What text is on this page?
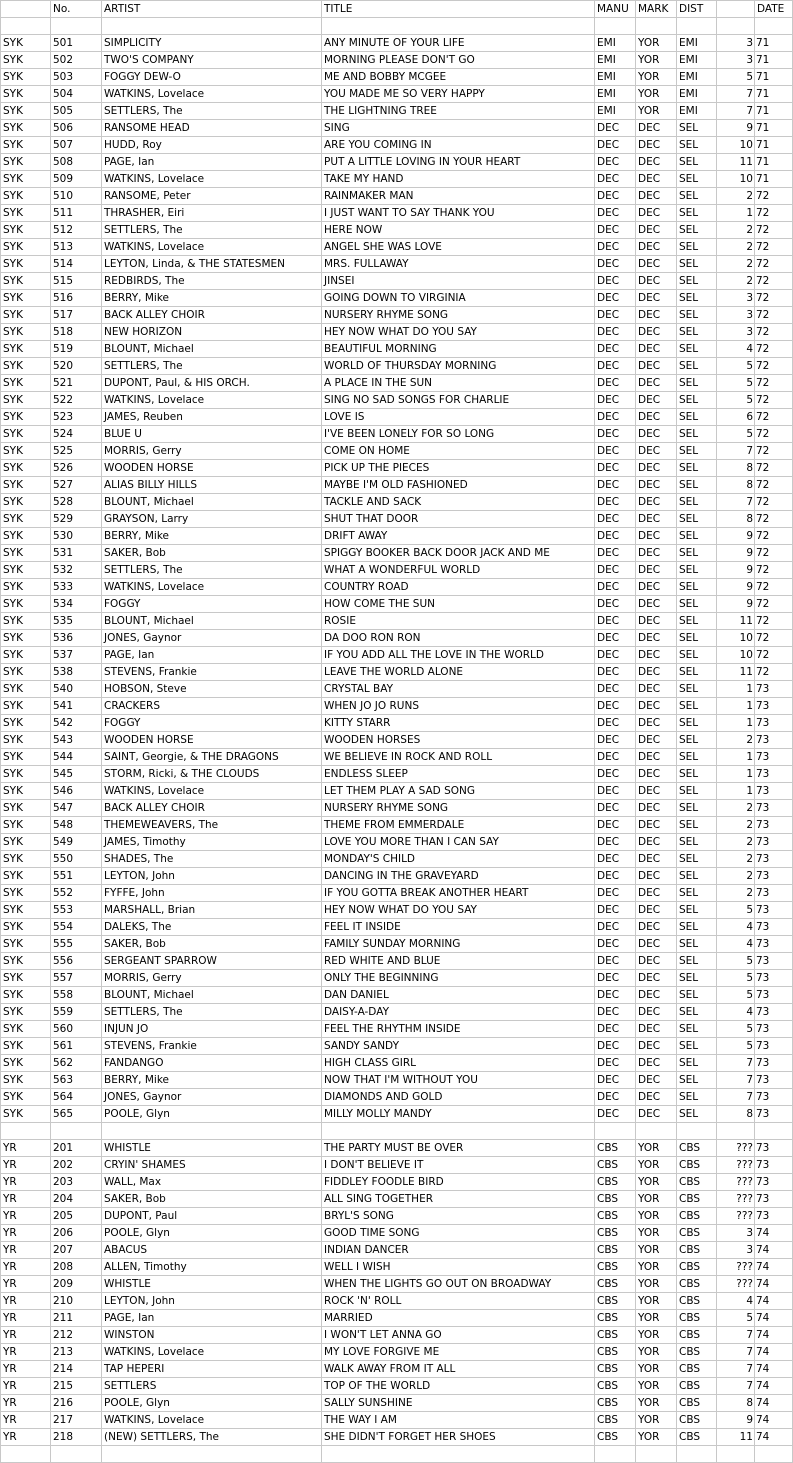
	No.	ARTIST	TITLE	MANU	MARK	DIST		DATE

SYK	501	SIMPLICITY	ANY MINUTE OF YOUR LIFE	EMI	YOR	EMI	3	71
SYK	502	TWO'S COMPANY	MORNING PLEASE DON'T GO	EMI	YOR	EMI	3	71
SYK	503	FOGGY DEW-O	ME AND BOBBY MCGEE	EMI	YOR	EMI	5	71
SYK	504	WATKINS, Lovelace	YOU MADE ME SO VERY HAPPY	EMI	YOR	EMI	7	71
SYK	505	SETTLERS, The	THE LIGHTNING TREE	EMI	YOR	EMI	7	71
SYK	506	RANSOME HEAD	SING	DEC	DEC	SEL	9	71
SYK	507	HUDD, Roy	ARE YOU COMING IN	DEC	DEC	SEL	10	71
SYK	508	PAGE, Ian	PUT A LITTLE LOVING IN YOUR HEART	DEC	DEC	SEL	11	71
SYK	509	WATKINS, Lovelace	TAKE MY HAND	DEC	DEC	SEL	10	71
SYK	510	RANSOME, Peter	RAINMAKER MAN	DEC	DEC	SEL	2	72
SYK	511	THRASHER, Eiri	I JUST WANT TO SAY THANK YOU	DEC	DEC	SEL	1	72
SYK	512	SETTLERS, The	HERE NOW	DEC	DEC	SEL	2	72
SYK	513	WATKINS, Lovelace	ANGEL SHE WAS LOVE	DEC	DEC	SEL	2	72
SYK	514	LEYTON, Linda, & THE STATESMEN	MRS. FULLAWAY	DEC	DEC	SEL	2	72
SYK	515	REDBIRDS, The	JINSEI	DEC	DEC	SEL	2	72
SYK	516	BERRY, Mike	GOING DOWN TO VIRGINIA	DEC	DEC	SEL	3	72
SYK	517	BACK ALLEY CHOIR	NURSERY RHYME SONG	DEC	DEC	SEL	3	72
SYK	518	NEW HORIZON	HEY NOW WHAT DO YOU SAY	DEC	DEC	SEL	3	72
SYK	519	BLOUNT, Michael	BEAUTIFUL MORNING	DEC	DEC	SEL	4	72
SYK	520	SETTLERS, The	WORLD OF THURSDAY MORNING	DEC	DEC	SEL	5	72
SYK	521	DUPONT, Paul, & HIS ORCH.	A PLACE IN THE SUN	DEC	DEC	SEL	5	72
SYK	522	WATKINS, Lovelace	SING NO SAD SONGS FOR CHARLIE	DEC	DEC	SEL	5	72
SYK	523	JAMES, Reuben	LOVE IS	DEC	DEC	SEL	6	72
SYK	524	BLUE U	I'VE BEEN LONELY FOR SO LONG	DEC	DEC	SEL	5	72
SYK	525	MORRIS, Gerry	COME ON HOME	DEC	DEC	SEL	7	72
SYK	526	WOODEN HORSE	PICK UP THE PIECES	DEC	DEC	SEL	8	72
SYK	527	ALIAS BILLY HILLS	MAYBE I'M OLD FASHIONED	DEC	DEC	SEL	8	72
SYK	528	BLOUNT, Michael	TACKLE AND SACK	DEC	DEC	SEL	7	72
SYK	529	GRAYSON, Larry	SHUT THAT DOOR	DEC	DEC	SEL	8	72
SYK	530	BERRY, Mike	DRIFT AWAY	DEC	DEC	SEL	9	72
SYK	531	SAKER, Bob	SPIGGY BOOKER BACK DOOR JACK AND ME	DEC	DEC	SEL	9	72
SYK	532	SETTLERS, The	WHAT A WONDERFUL WORLD	DEC	DEC	SEL	9	72
SYK	533	WATKINS, Lovelace	COUNTRY ROAD	DEC	DEC	SEL	9	72
SYK	534	FOGGY	HOW COME THE SUN	DEC	DEC	SEL	9	72
SYK	535	BLOUNT, Michael	ROSIE	DEC	DEC	SEL	11	72
SYK	536	JONES, Gaynor	DA DOO RON RON	DEC	DEC	SEL	10	72
SYK	537	PAGE, Ian	IF YOU ADD ALL THE LOVE IN THE WORLD	DEC	DEC	SEL	10	72
SYK	538	STEVENS, Frankie	LEAVE THE WORLD ALONE	DEC	DEC	SEL	11	72
SYK	540	HOBSON, Steve	CRYSTAL BAY	DEC	DEC	SEL	1	73
SYK	541	CRACKERS	WHEN JO JO RUNS	DEC	DEC	SEL	1	73
SYK	542	FOGGY	KITTY STARR	DEC	DEC	SEL	1	73
SYK	543	WOODEN HORSE	WOODEN HORSES	DEC	DEC	SEL	2	73
SYK	544	SAINT, Georgie, & THE DRAGONS	WE BELIEVE IN ROCK AND ROLL	DEC	DEC	SEL	1	73
SYK	545	STORM, Ricki, & THE CLOUDS	ENDLESS SLEEP	DEC	DEC	SEL	1	73
SYK	546	WATKINS, Lovelace	LET THEM PLAY A SAD SONG	DEC	DEC	SEL	1	73
SYK	547	BACK ALLEY CHOIR	NURSERY RHYME SONG	DEC	DEC	SEL	2	73
SYK	548	THEMEWEAVERS, The	THEME FROM EMMERDALE	DEC	DEC	SEL	2	73
SYK	549	JAMES, Timothy	LOVE YOU MORE THAN I CAN SAY	DEC	DEC	SEL	2	73
SYK	550	SHADES, The	MONDAY'S CHILD	DEC	DEC	SEL	2	73
SYK	551	LEYTON, John	DANCING IN THE GRAVEYARD	DEC	DEC	SEL	2	73
SYK	552	FYFFE, John	IF YOU GOTTA BREAK ANOTHER HEART	DEC	DEC	SEL	2	73
SYK	553	MARSHALL, Brian	HEY NOW WHAT DO YOU SAY	DEC	DEC	SEL	5	73
SYK	554	DALEKS, The	FEEL IT INSIDE	DEC	DEC	SEL	4	73
SYK	555	SAKER, Bob	FAMILY SUNDAY MORNING	DEC	DEC	SEL	4	73
SYK	556	SERGEANT SPARROW	RED WHITE AND BLUE	DEC	DEC	SEL	5	73
SYK	557	MORRIS, Gerry	ONLY THE BEGINNING	DEC	DEC	SEL	5	73
SYK	558	BLOUNT, Michael	DAN DANIEL	DEC	DEC	SEL	5	73
SYK	559	SETTLERS, The	DAISY-A-DAY	DEC	DEC	SEL	4	73
SYK	560	INJUN JO	FEEL THE RHYTHM INSIDE	DEC	DEC	SEL	5	73
SYK	561	STEVENS, Frankie	SANDY SANDY	DEC	DEC	SEL	5	73
SYK	562	FANDANGO	HIGH CLASS GIRL	DEC	DEC	SEL	7	73
SYK	563	BERRY, Mike	NOW THAT I'M WITHOUT YOU	DEC	DEC	SEL	7	73
SYK	564	JONES, Gaynor	DIAMONDS AND GOLD	DEC	DEC	SEL	7	73
SYK	565	POOLE, Glyn	MILLY MOLLY MANDY	DEC	DEC	SEL	8	73

YR	201	WHISTLE	THE PARTY MUST BE OVER	CBS	YOR	CBS	???	73
YR	202	CRYIN' SHAMES	I DON'T BELIEVE IT	CBS	YOR	CBS	???	73
YR	203	WALL, Max	FIDDLEY FOODLE BIRD	CBS	YOR	CBS	???	73
YR	204	SAKER, Bob	ALL SING TOGETHER	CBS	YOR	CBS	???	73
YR	205	DUPONT, Paul	BRYL'S SONG	CBS	YOR	CBS	???	73
YR	206	POOLE, Glyn	GOOD TIME SONG	CBS	YOR	CBS	3	74
YR	207	ABACUS	INDIAN DANCER	CBS	YOR	CBS	3	74
YR	208	ALLEN, Timothy	WELL I WISH	CBS	YOR	CBS	???	74
YR	209	WHISTLE	WHEN THE LIGHTS GO OUT ON BROADWAY	CBS	YOR	CBS	???	74
YR	210	LEYTON, John	ROCK 'N' ROLL	CBS	YOR	CBS	4	74
YR	211	PAGE, Ian	MARRIED	CBS	YOR	CBS	5	74
YR	212	WINSTON	I WON'T LET ANNA GO	CBS	YOR	CBS	7	74
YR	213	WATKINS, Lovelace	MY LOVE FORGIVE ME	CBS	YOR	CBS	7	74
YR	214	TAP HEPERI	WALK AWAY FROM IT ALL	CBS	YOR	CBS	7	74
YR	215	SETTLERS	TOP OF THE WORLD	CBS	YOR	CBS	7	74
YR	216	POOLE, Glyn	SALLY SUNSHINE	CBS	YOR	CBS	8	74
YR	217	WATKINS, Lovelace	THE WAY I AM	CBS	YOR	CBS	9	74
YR	218	(NEW) SETTLERS, The	SHE DIDN'T FORGET HER SHOES	CBS	YOR	CBS	11	74
